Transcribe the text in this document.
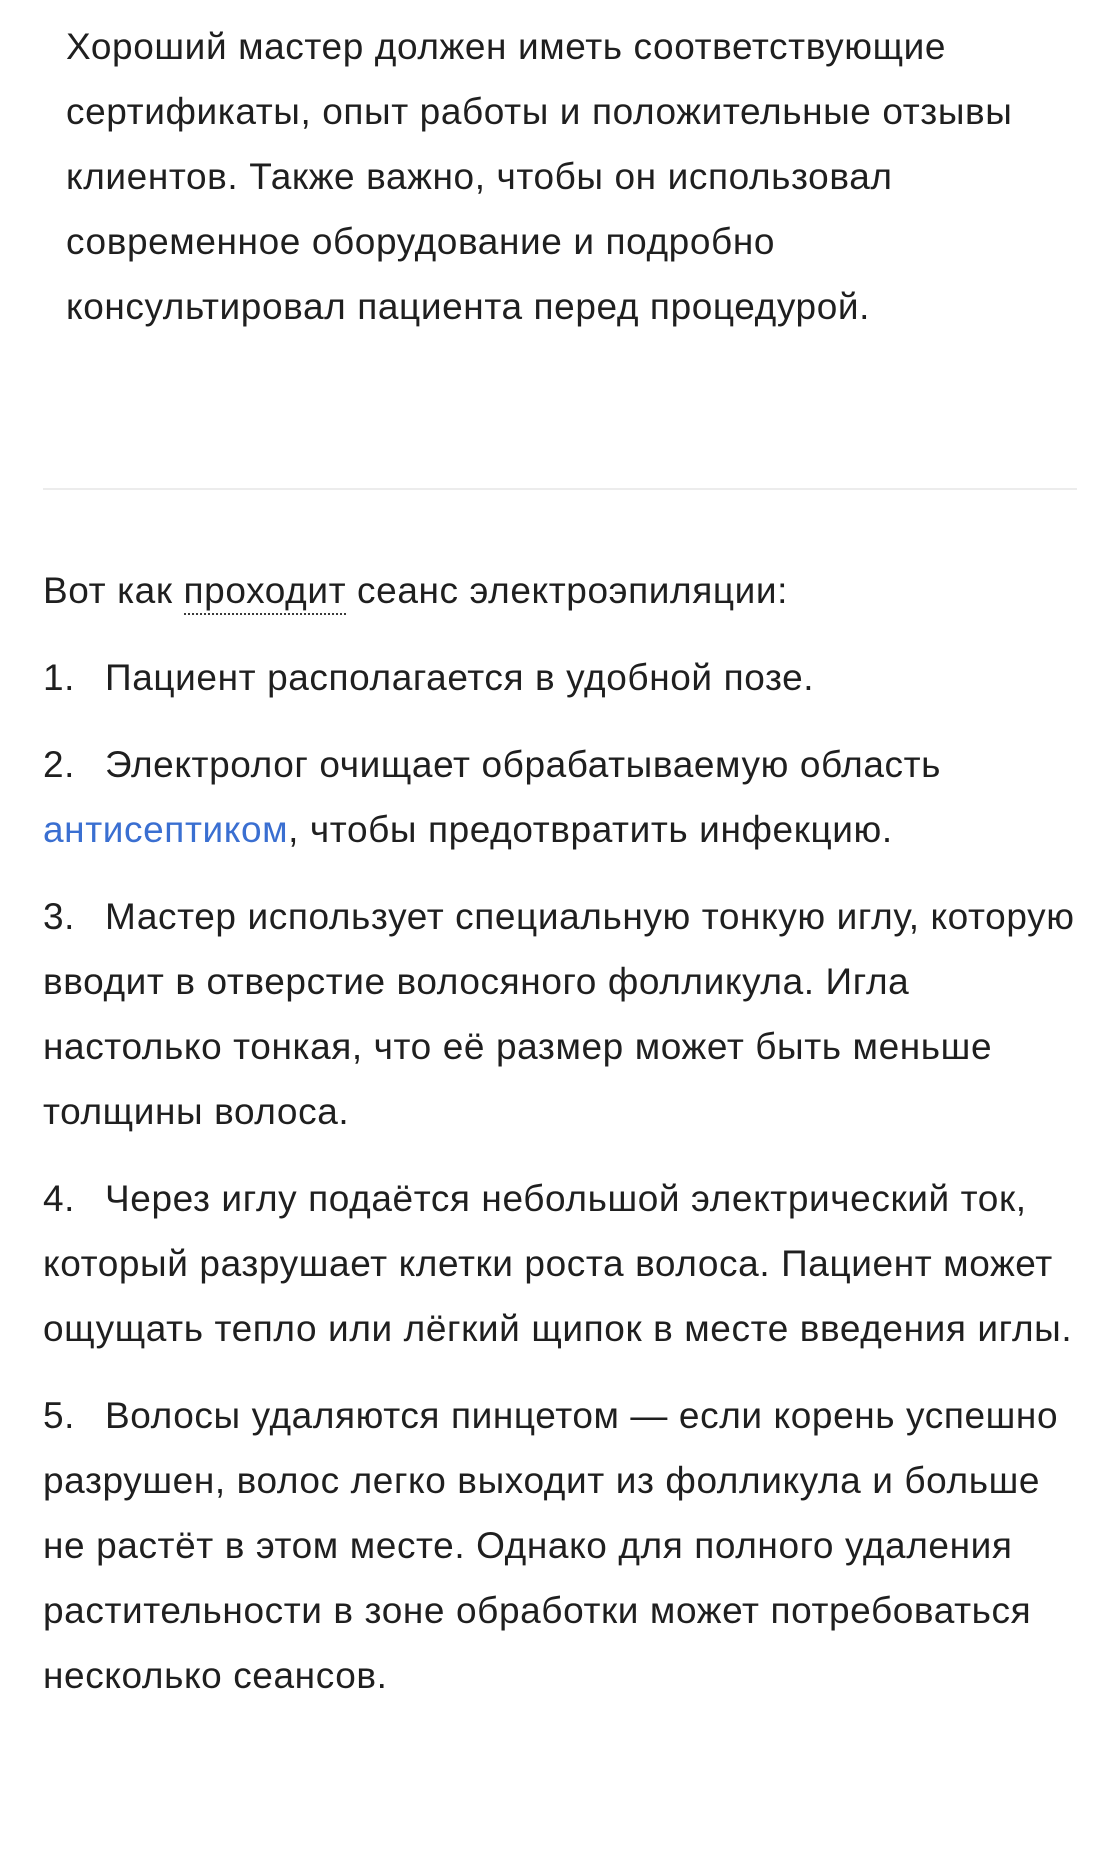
Хороший мастер должен иметь соответствующие сертификаты, опыт работы и положительные отзывы клиентов. Также важно, чтобы он использовал современное оборудование и подробно консультировал пациента перед процедурой.

Вот как проходит сеанс электроэпиляции:

1. Пациент располагается в удобной позе.
2. Электролог очищает обрабатываемую область
антисептиком, чтобы предотвратить инфекцию.
3. Мастер использует специальную тонкую иглу, которую вводит в отверстие волосяного фолликула. Игла настолько тонкая, что её размер может быть меньше толщины волоса.
4. Через иглу подаётся небольшой электрический ток, который разрушает клетки роста волоса. Пациент может ощущать тепло или лёгкий щипок в месте введения иглы.
5. Волосы удаляются пинцетом — если корень успешно разрушен, волос легко выходит из фолликула и больше не растёт в этом месте. Однако для полного удаления растительности в зоне обработки может потребоваться несколько сеансов.
